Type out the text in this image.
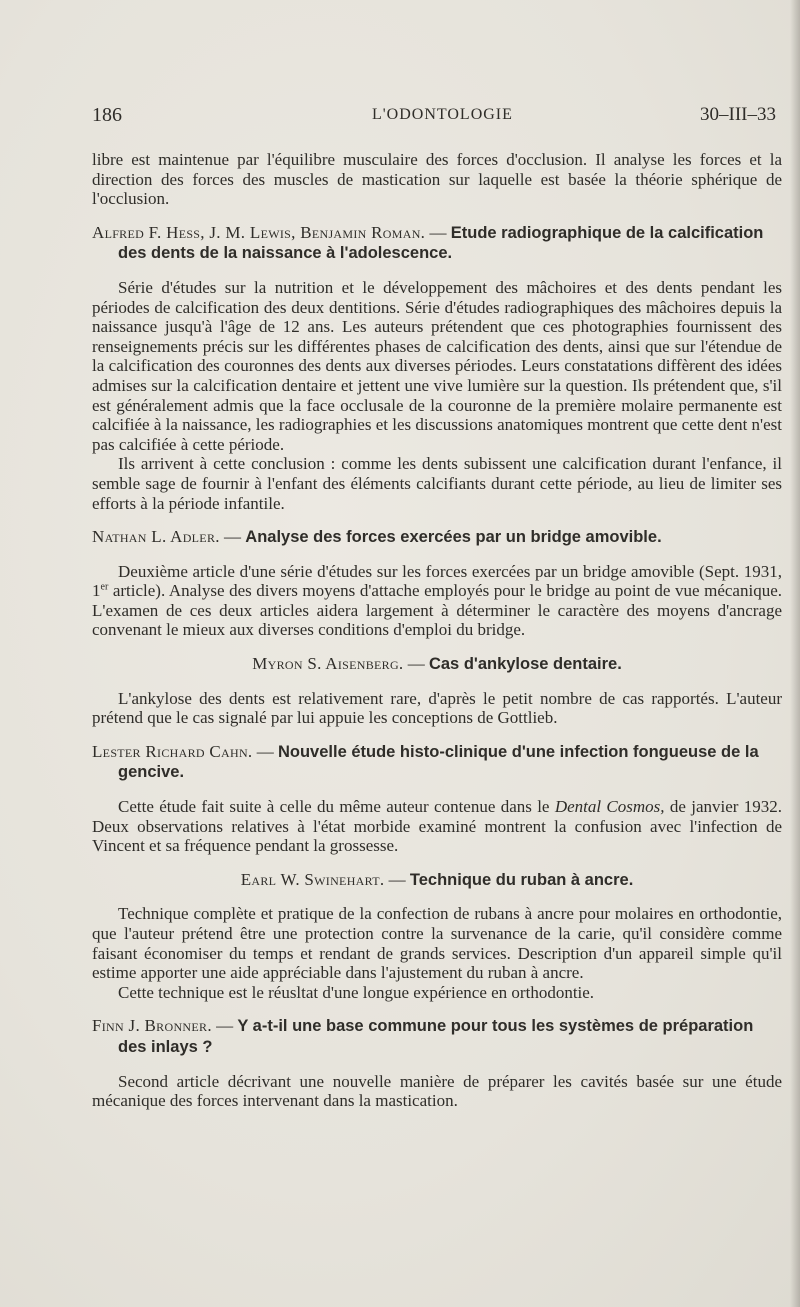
186	L'ODONTOLOGIE	30–III–33

libre est maintenue par l'équilibre musculaire des forces d'occlusion. Il analyse les forces et la direction des forces des muscles de mastication sur laquelle est basée la théorie sphérique de l'occlusion.

Alfred F. Hess, J. M. Lewis, Benjamin Roman. — Etude radiographique de la calcification des dents de la naissance à l'adolescence.

Série d'études sur la nutrition et le développement des mâchoires et des dents pendant les périodes de calcification des deux dentitions. Série d'études radiographiques des mâchoires depuis la naissance jusqu'à l'âge de 12 ans. Les auteurs prétendent que ces photographies fournissent des renseignements précis sur les différentes phases de calcification des dents, ainsi que sur l'étendue de la calcification des couronnes des dents aux diverses périodes. Leurs constatations diffèrent des idées admises sur la calcification dentaire et jettent une vive lumière sur la question. Ils prétendent que, s'il est généralement admis que la face occlusale de la couronne de la première molaire permanente est calcifiée à la naissance, les radiographies et les discussions anatomiques montrent que cette dent n'est pas calcifiée à cette période.

Ils arrivent à cette conclusion : comme les dents subissent une calcification durant l'enfance, il semble sage de fournir à l'enfant des éléments calcifiants durant cette période, au lieu de limiter ses efforts à la période infantile.

Nathan L. Adler. — Analyse des forces exercées par un bridge amovible.

Deuxième article d'une série d'études sur les forces exercées par un bridge amovible (Sept. 1931, 1er article). Analyse des divers moyens d'attache employés pour le bridge au point de vue mécanique. L'examen de ces deux articles aidera largement à déterminer le caractère des moyens d'ancrage convenant le mieux aux diverses conditions d'emploi du bridge.

Myron S. Aisenberg. — Cas d'ankylose dentaire.

L'ankylose des dents est relativement rare, d'après le petit nombre de cas rapportés. L'auteur prétend que le cas signalé par lui appuie les conceptions de Gottlieb.

Lester Richard Cahn. — Nouvelle étude histo-clinique d'une infection fongueuse de la gencive.

Cette étude fait suite à celle du même auteur contenue dans le Dental Cosmos, de janvier 1932. Deux observations relatives à l'état morbide examiné montrent la confusion avec l'infection de Vincent et sa fréquence pendant la grossesse.

Earl W. Swinehart. — Technique du ruban à ancre.

Technique complète et pratique de la confection de rubans à ancre pour molaires en orthodontie, que l'auteur prétend être une protection contre la survenance de la carie, qu'il considère comme faisant économiser du temps et rendant de grands services. Description d'un appareil simple qu'il estime apporter une aide appréciable dans l'ajustement du ruban à ancre.

Cette technique est le réusltat d'une longue expérience en orthodontie.

Finn J. Bronner. — Y a-t-il une base commune pour tous les systèmes de préparation des inlays ?

Second article décrivant une nouvelle manière de préparer les cavités basée sur une étude mécanique des forces intervenant dans la mastication.
